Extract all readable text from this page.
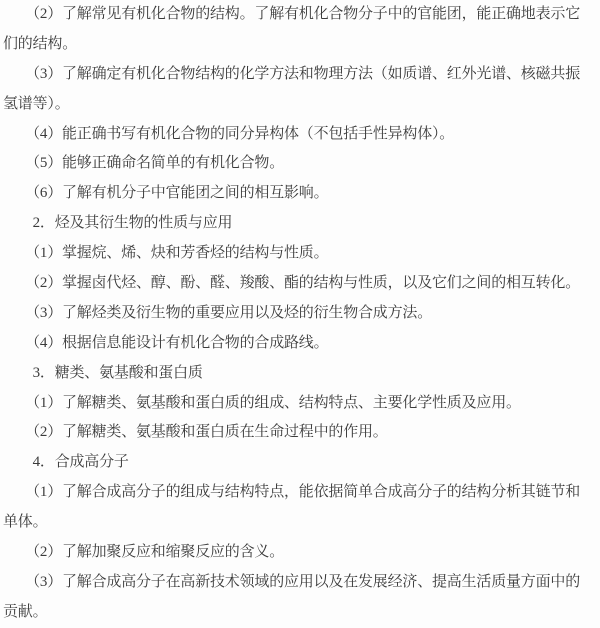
　　（2）了解常见有机化合物的结构。了解有机化合物分子中的官能团，能正确地表示它
们的结构。
　　（3）了解确定有机化合物结构的化学方法和物理方法（如质谱、红外光谱、核磁共振
氢谱等）。
　　（4）能正确书写有机化合物的同分异构体（不包括手性异构体）。
　　（5）能够正确命名简单的有机化合物。
　　（6）了解有机分子中官能团之间的相互影响。
　　2．烃及其衍生物的性质与应用
　　（1）掌握烷、烯、炔和芳香烃的结构与性质。
　　（2）掌握卤代烃、醇、酚、醛、羧酸、酯的结构与性质，以及它们之间的相互转化。
　　（3）了解烃类及衍生物的重要应用以及烃的衍生物合成方法。
　　（4）根据信息能设计有机化合物的合成路线。
　　3．糖类、氨基酸和蛋白质
　　（1）了解糖类、氨基酸和蛋白质的组成、结构特点、主要化学性质及应用。
　　（2）了解糖类、氨基酸和蛋白质在生命过程中的作用。
　　4．合成高分子
　　（1）了解合成高分子的组成与结构特点，能依据简单合成高分子的结构分析其链节和
单体。
　　（2）了解加聚反应和缩聚反应的含义。
　　（3）了解合成高分子在高新技术领域的应用以及在发展经济、提高生活质量方面中的
贡献。
